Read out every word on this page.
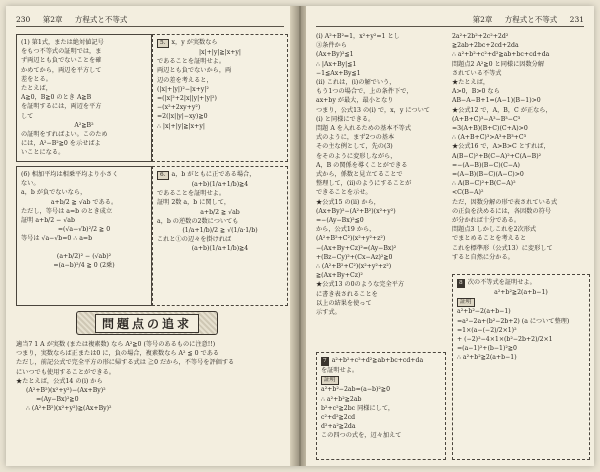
230 第2章 方程式と不等式

(1) 第1式，または絶対値記号

をもつ不等式の証明では，ま

ず両辺とも負でないことを確

かめてから，両辺を平方して

差をとる。

たとえば，

A≧0，B≧0 のとき A≧B

を証明するには，両辺を平方

して

A²≧B²

の証明をすればよい。このため

には，A²−B²≧0 を示せばよ

いことになる。

5. x，y が実数なら

|x|+|y|≧|x+y|

であることを証明せよ。

両辺とも負でないから，両

辺の差を考えると，

(|x|+|y|)²−|x+y|²

=(|x|²+2|x||y|+|y|²)

−(x²+2xy+y²)

=2(|x||y|−xy)≧0

∴ |x|+|y|≧|x+y|

(6) 相加平均は相乗平均より小さく

ない。

a，b が負でないなら，

a+b/2 ≧ √ab である。

ただし，等号は a=b のとき成立

証明 a+b/2 − √ab

=(√a−√b)²/2 ≧ 0

等号は √a−√b=0 ∴ a=b

(a+b/2)² − (√ab)²

=(a−b)²/4 ≧ 0 (2乗)

6. a，b がともに正である場合，

(a+b)(1/a+1/b)≧4

であることを証明せよ。

証明 2数 a，b に関して，

a+b/2 ≧ √ab

a，b の逆数の2数についても

(1/a+1/b)/2 ≧ √(1/a·1/b)

これと①の辺々を掛ければ

(a+b)(1/a+1/b)≧4

問題点の追求

適当7 1 A が実数 (または複素数) なら A²≧0 (等号のあるものに注意!!)

つまり，実数ならば正または0 に，負の場合，複素数なら A² ≦ 0 である

ただし，前記公式で完全平方の形に帰する式は ≧0 だから，不等号を評価する

にいつでも使用することができる。

★たとえば，公式14 の(i) から

(A²+B²)(x²+y²)−(Ax+By)²

=(Ay−Bx)²≧0

∴ (A²+B²)(x²+y²)≧(Ax+By)²

第2章 方程式と不等式 231

(i) A²+B²=1，x²+y²=1 とし

③条件から

(Ax+By)²≦1

∴ |Ax+By|≦1

−1≦Ax+By≦1

(ii) これは，(i)の解でいう，

もう1つの場合で，上の条件下で，

ax+by が最大，最小となり

つまり，公式13 の(i) で，x，y について

(i) と同様にできる。

問題 A を入れるための基本不等式

式のように，まず2つの基本

その主な例として，先の(3)

をそのように変形しながら，

A，B の関係を導くことができる

式から，係数と見立てることで

整理して，(ii)のようにすることが

できることを示せ。

★公式15 の(ii) から，

(Ax+By)²−(A²+B²)(x²+y²)

=−(Ay−Bx)²≦0

から，公式19 から，

(A²+B²+C²)(x²+y²+z²)

−(Ax+By+Cz)²=(Ay−Bx)²

+(Bz−Cy)²+(Cx−Az)²≧0

∴ (A²+B²+C²)(x²+y²+z²)

≧(Ax+By+Cz)²

★公式13 の0のような完全平方

に書き表されることを

以上の結果を使って

示す式。

7 a²+b²+c²+d²≧ab+bc+cd+da

を証明せよ。

証明

a²+b²−2ab=(a−b)²≧0

∴ a²+b²≧2ab

b²+c²≧2bc 同様にして，

c²+d²≧2cd

d²+a²≧2da

この四つの式を，辺々加えて

2a²+2b²+2c²+2d²

≧2ab+2bc+2cd+2da

∴ a²+b²+c²+d²≧ab+bc+cd+da

問題点2 A²≧0 と同様に因数分解

されている不等式

★たとえば，

A>0，B>0 なら

AB−A−B+1=(A−1)(B−1)>0

★公式12 で，A，B，C が正なら，

(A+B+C)³−A³−B³−C³

=3(A+B)(B+C)(C+A)>0

∴ (A+B+C)³>A³+B³+C³

★公式16 で，A>B>C とすれば，

A(B−C)²+B(C−A)²+C(A−B)²

=−(A−B)(B−C)(C−A)

=(A−B)(B−C)(A−C)>0

∴ A(B−C)²+B(C−A)²

<C(B−A)²

ただ，因数分解の形で表されている式

の正負を決めるには，各因数の符号

が分かれば十分である。

問題点3 しかしこれを2次形式

でまとめることを考えると

これを標準形（公式13）に変形して

すると自然に分かる。

8 次の不等式を証明せよ。

a²+b²≧2(a+b−1)

証明

a²+b²−2(a+b−1)

=a²−2a+(b²−2b+2) (a について整理)

=1×(a−(−2)/2×1)²

+ (−2)²−4×1×(b²−2b+2)/2×1

=(a−1)²+(b−1)²≧0

∴ a²+b²≧2(a+b−1)
